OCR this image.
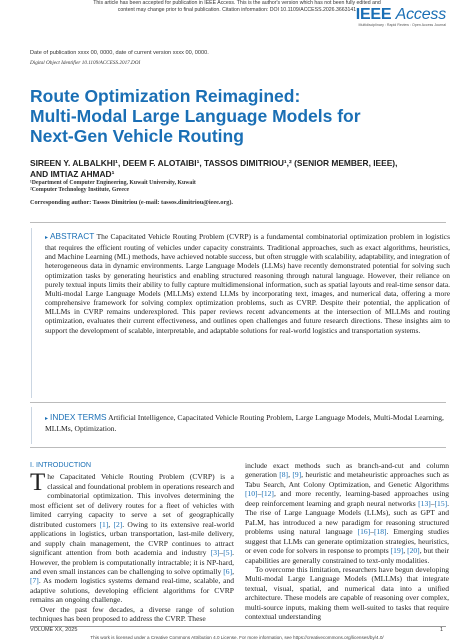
This article has been accepted for publication in IEEE Access. This is the author's version which has not been fully edited and
content may change prior to final publication. Citation information: DOI 10.1109/ACCESS.2026.3663141 IEEE Access
Multidisciplinary : Rapid Review : Open Access Journal
Date of publication xxxx 00, 0000, date of current version xxxx 00, 0000.
Digital Object Identifier 10.1109/ACCESS.2017.DOI
Route Optimization Reimagined:
Multi-Modal Large Language Models for
Next-Gen Vehicle Routing
SIREEN Y. ALBALKHI¹, DEEM F. ALOTAIBI¹, TASSOS DIMITRIOU¹,² (SENIOR MEMBER, IEEE),
AND IMTIAZ AHMAD¹
¹Department of Computer Engineering, Kuwait University, Kuwait
²Computer Technology Institute, Greece
Corresponding author: Tassos Dimitriou (e-mail: tassos.dimitriou@ieee.org).
▸ ABSTRACT The Capacitated Vehicle Routing Problem (CVRP) is a fundamental combinatorial optimization problem in logistics that requires the efficient routing of vehicles under capacity constraints. Traditional approaches, such as exact algorithms, heuristics, and Machine Learning (ML) methods, have achieved notable success, but often struggle with scalability, adaptability, and integration of heterogeneous data in dynamic environments. Large Language Models (LLMs) have recently demonstrated potential for solving such optimization tasks by generating heuristics and enabling structured reasoning through natural language. However, their reliance on purely textual inputs limits their ability to fully capture multidimensional information, such as spatial layouts and real-time sensor data. Multi-modal Large Language Models (MLLMs) extend LLMs by incorporating text, images, and numerical data, offering a more comprehensive framework for solving complex optimization problems, such as CVRP. Despite their potential, the application of MLLMs in CVRP remains underexplored. This paper reviews recent advancements at the intersection of MLLMs and routing optimization, evaluates their current effectiveness, and outlines open challenges and future research directions. These insights aim to support the development of scalable, interpretable, and adaptable solutions for real-world logistics and transportation systems.
▸ INDEX TERMS Artificial Intelligence, Capacitated Vehicle Routing Problem, Large Language Models, Multi-Modal Learning, MLLMs, Optimization.
I. INTRODUCTION

The Capacitated Vehicle Routing Problem (CVRP) is a classical and foundational problem in operations research and combinatorial optimization. This involves determining the most efficient set of delivery routes for a fleet of vehicles with limited carrying capacity to serve a set of geographically distributed customers [1], [2]. Owing to its extensive real-world applications in logistics, urban transportation, last-mile delivery, and supply chain management, the CVRP continues to attract significant attention from both academia and industry [3]–[5]. However, the problem is computationally intractable; it is NP-hard, and even small instances can be challenging to solve optimally [6], [7]. As modern logistics systems demand real-time, scalable, and adaptive solutions, developing efficient algorithms for CVRP remains an ongoing challenge.

Over the past few decades, a diverse range of solution techniques has been proposed to address the CVRP. These

include exact methods such as branch-and-cut and column generation [8], [9], heuristic and metaheuristic approaches such as Tabu Search, Ant Colony Optimization, and Genetic Algorithms [10]–[12], and more recently, learning-based approaches using deep reinforcement learning and graph neural networks [13]–[15]. The rise of Large Language Models (LLMs), such as GPT and PaLM, has introduced a new paradigm for reasoning structured problems using natural language [16]–[18]. Emerging studies suggest that LLMs can generate optimization strategies, heuristics, or even code for solvers in response to prompts [19], [20], but their capabilities are generally constrained to text-only modalities.

To overcome this limitation, researchers have begun developing Multi-modal Large Language Models (MLLMs) that integrate textual, visual, spatial, and numerical data into a unified architecture. These models are capable of reasoning over complex, multi-source inputs, making them well-suited to tasks that require contextual understanding

VOLUME XX, 2025	1
This work is licensed under a Creative Commons Attribution 4.0 License. For more information, see https://creativecommons.org/licenses/by/4.0/
